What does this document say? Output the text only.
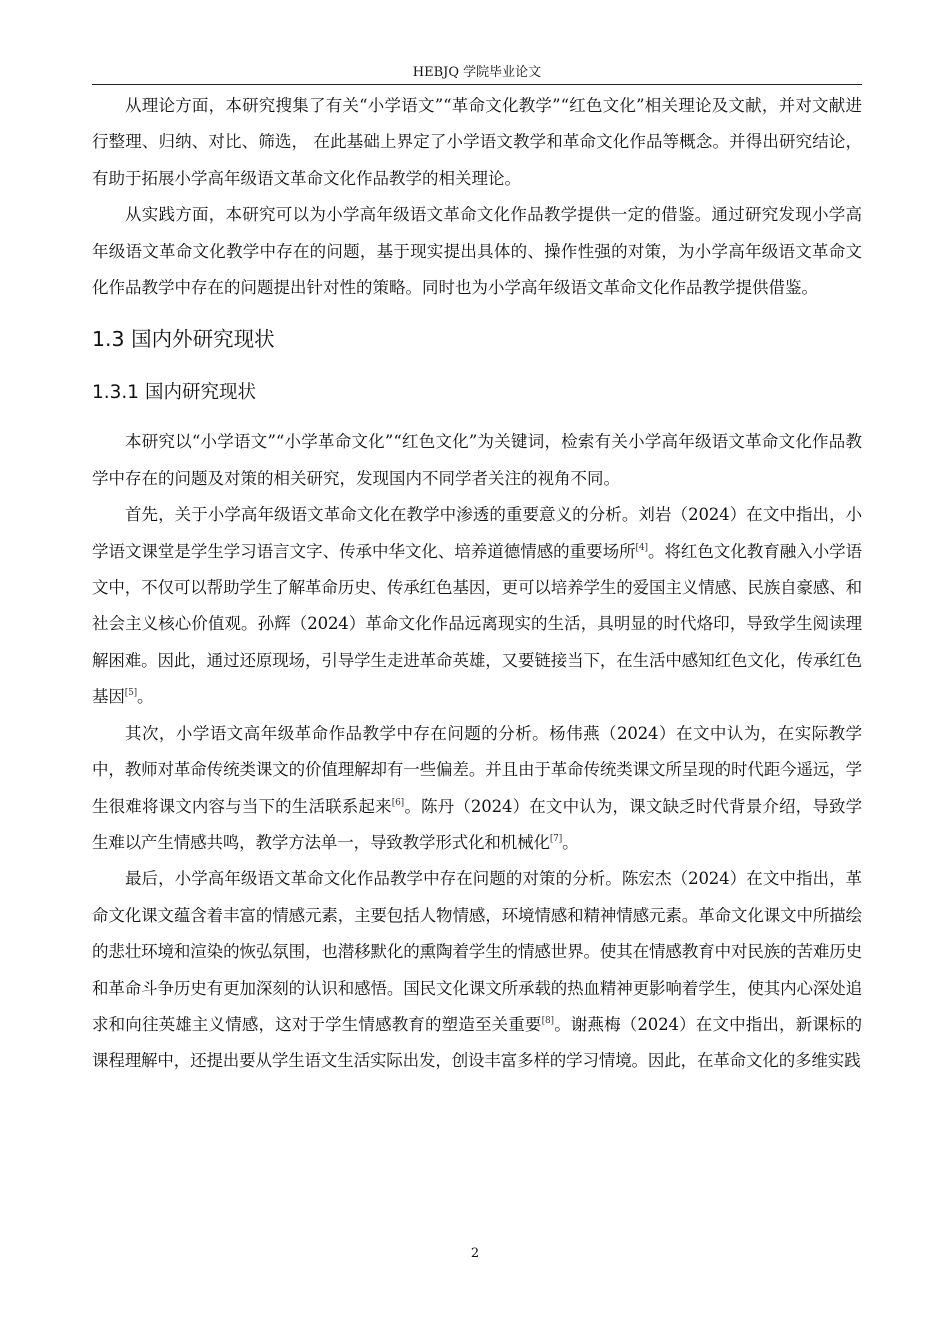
HEBJQ 学院毕业论文

从理论方面，本研究搜集了有关“小学语文”“革命文化教学”“红色文化”相关理论及文献，并对文献进行整理、归纳、对比、筛选， 在此基础上界定了小学语文教学和革命文化作品等概念。并得出研究结论，有助于拓展小学高年级语文革命文化作品教学的相关理论。

从实践方面，本研究可以为小学高年级语文革命文化作品教学提供一定的借鉴。通过研究发现小学高年级语文革命文化教学中存在的问题，基于现实提出具体的、操作性强的对策，为小学高年级语文革命文化作品教学中存在的问题提出针对性的策略。同时也为小学高年级语文革命文化作品教学提供借鉴。

1.3 国内外研究现状
1.3.1 国内研究现状

本研究以“小学语文”“小学革命文化”“红色文化”为关键词，检索有关小学高年级语文革命文化作品教学中存在的问题及对策的相关研究，发现国内不同学者关注的视角不同。

首先，关于小学高年级语文革命文化在教学中渗透的重要意义的分析。刘岩（2024）在文中指出，小学语文课堂是学生学习语言文字、传承中华文化、培养道德情感的重要场所[4]。将红色文化教育融入小学语文中，不仅可以帮助学生了解革命历史、传承红色基因，更可以培养学生的爱国主义情感、民族自豪感、和社会主义核心价值观。孙辉（2024）革命文化作品远离现实的生活，具明显的时代烙印，导致学生阅读理解困难。因此，通过还原现场，引导学生走进革命英雄，又要链接当下，在生活中感知红色文化，传承红色基因[5]。

其次，小学语文高年级革命作品教学中存在问题的分析。杨伟燕（2024）在文中认为，在实际教学中，教师对革命传统类课文的价值理解却有一些偏差。并且由于革命传统类课文所呈现的时代距今遥远，学生很难将课文内容与当下的生活联系起来[6]。陈丹（2024）在文中认为，课文缺乏时代背景介绍，导致学生难以产生情感共鸣，教学方法单一，导致教学形式化和机械化[7]。

最后，小学高年级语文革命文化作品教学中存在问题的对策的分析。陈宏杰（2024）在文中指出，革命文化课文蕴含着丰富的情感元素，主要包括人物情感，环境情感和精神情感元素。革命文化课文中所描绘的悲壮环境和渲染的恢弘氛围，也潜移默化的熏陶着学生的情感世界。使其在情感教育中对民族的苦难历史和革命斗争历史有更加深刻的认识和感悟。国民文化课文所承载的热血精神更影响着学生，使其内心深处追求和向往英雄主义情感，这对于学生情感教育的塑造至关重要[8]。谢燕梅（2024）在文中指出，新课标的课程理解中，还提出要从学生语文生活实际出发，创设丰富多样的学习情境。因此，在革命文化的多维实践

2
